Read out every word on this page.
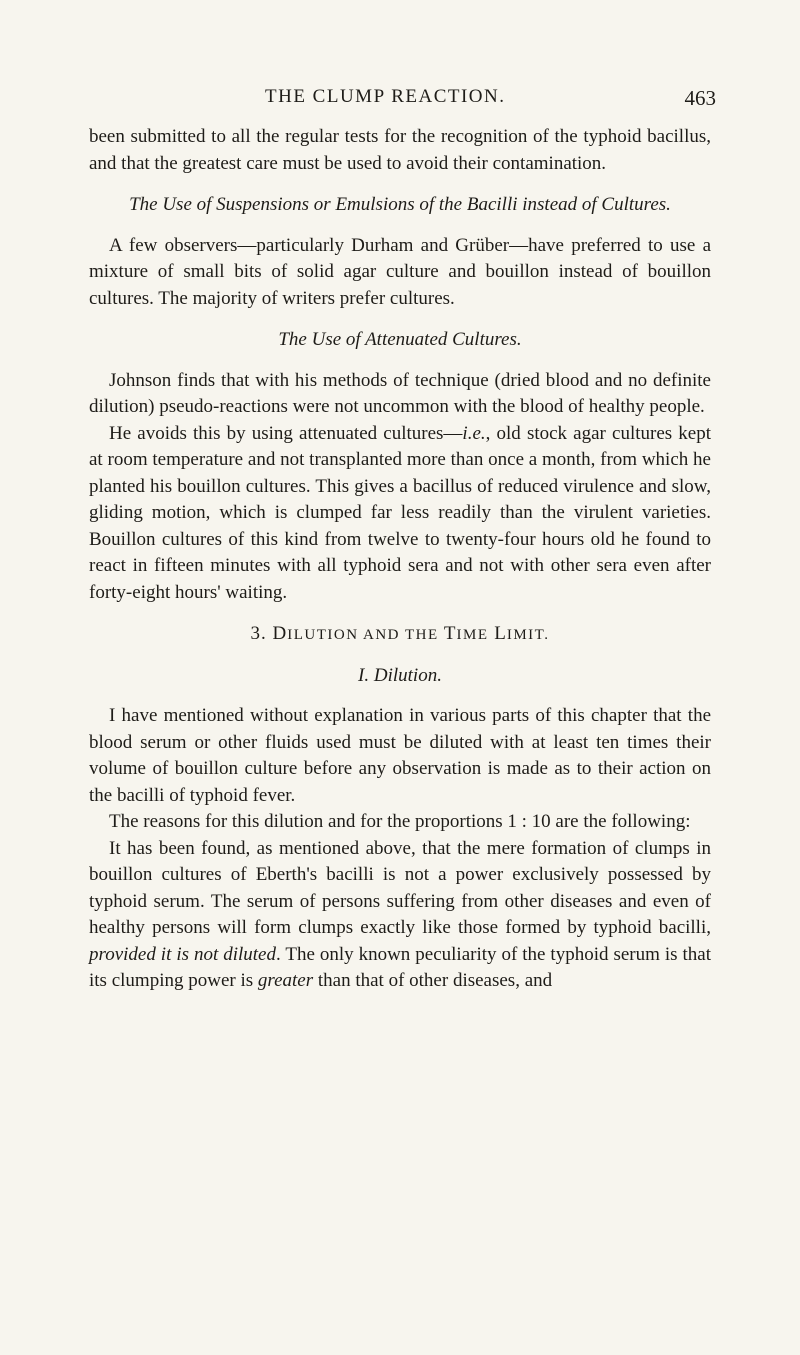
THE CLUMP REACTION.	463

been submitted to all the regular tests for the recognition of the typhoid bacillus, and that the greatest care must be used to avoid their contamination.

The Use of Suspensions or Emulsions of the Bacilli instead of Cultures.

A few observers—particularly Durham and Grüber—have preferred to use a mixture of small bits of solid agar culture and bouillon instead of bouillon cultures. The majority of writers prefer cultures.

The Use of Attenuated Cultures.

Johnson finds that with his methods of technique (dried blood and no definite dilution) pseudo-reactions were not uncommon with the blood of healthy people.

He avoids this by using attenuated cultures—i.e., old stock agar cultures kept at room temperature and not transplanted more than once a month, from which he planted his bouillon cultures. This gives a bacillus of reduced virulence and slow, gliding motion, which is clumped far less readily than the virulent varieties. Bouillon cultures of this kind from twelve to twenty-four hours old he found to react in fifteen minutes with all typhoid sera and not with other sera even after forty-eight hours' waiting.

3. DILUTION AND THE TIME LIMIT.

I. Dilution.

I have mentioned without explanation in various parts of this chapter that the blood serum or other fluids used must be diluted with at least ten times their volume of bouillon culture before any observation is made as to their action on the bacilli of typhoid fever.

The reasons for this dilution and for the proportions 1 : 10 are the following:

It has been found, as mentioned above, that the mere formation of clumps in bouillon cultures of Eberth's bacilli is not a power exclusively possessed by typhoid serum. The serum of persons suffering from other diseases and even of healthy persons will form clumps exactly like those formed by typhoid bacilli, provided it is not diluted. The only known peculiarity of the typhoid serum is that its clumping power is greater than that of other diseases, and
